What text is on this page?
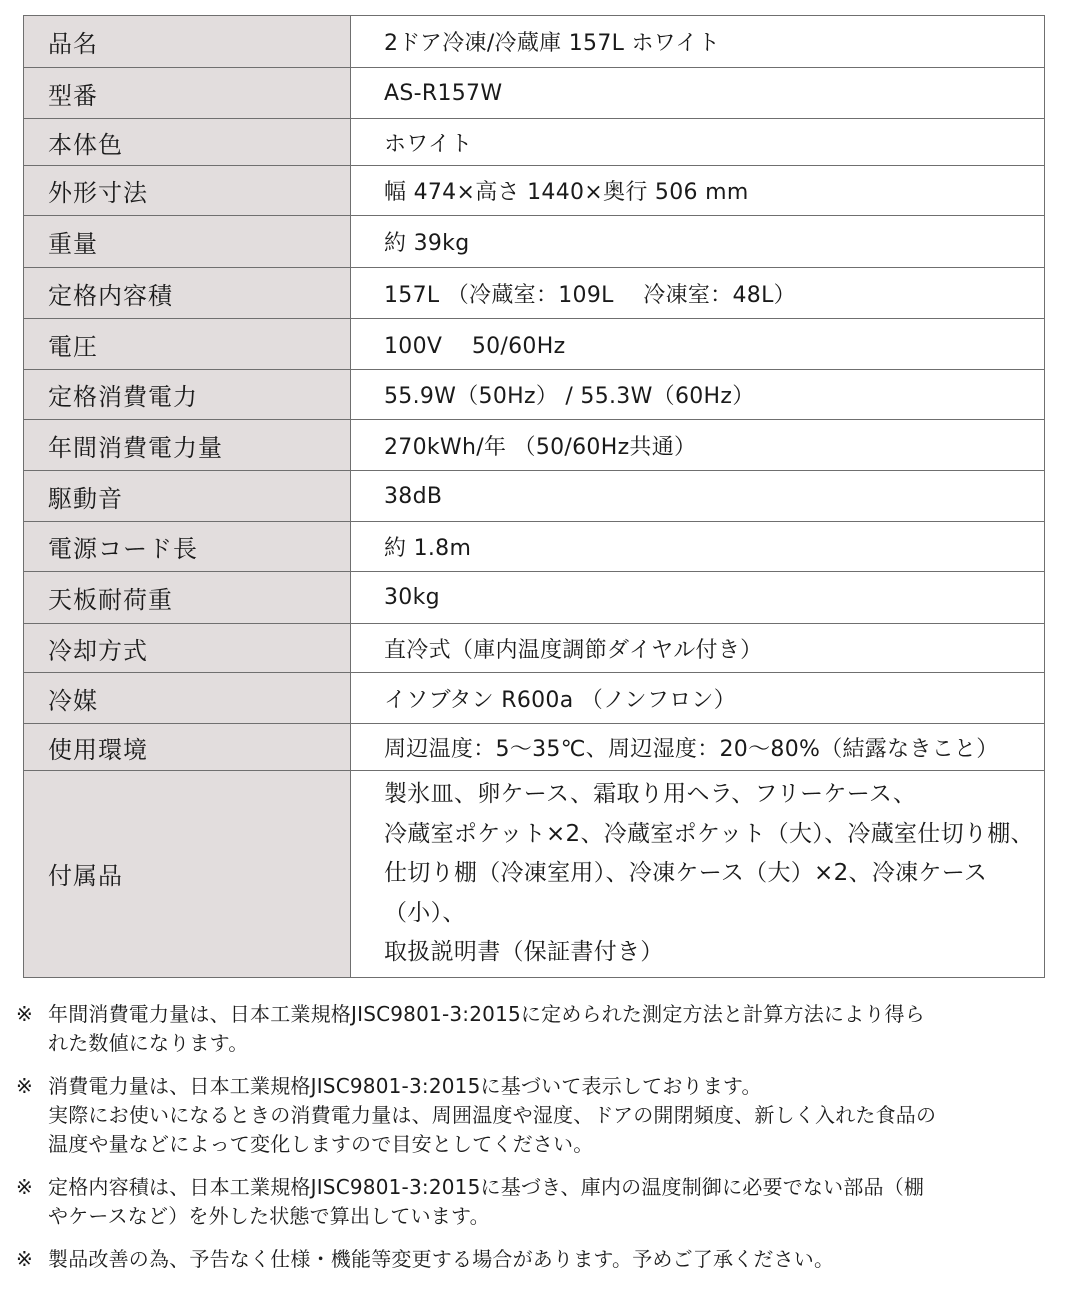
品名	2ドア冷凍/冷蔵庫 157L ホワイト
型番	AS-R157W
本体色	ホワイト
外形寸法	幅 474×高さ 1440×奥行 506 mm
重量	約 39kg
定格内容積	157L （冷蔵室：109L　 冷凍室：48L）
電圧	100V　 50/60Hz
定格消費電力	55.9W（50Hz） / 55.3W（60Hz）
年間消費電力量	270kWh/年 （50/60Hz共通）
駆動音	38dB
電源コード長	約 1.8m
天板耐荷重	30kg
冷却方式	直冷式（庫内温度調節ダイヤル付き）
冷媒	イソブタン R600a （ノンフロン）
使用環境	周辺温度：5～35℃、周辺湿度：20～80%（結露なきこと）
付属品	製氷皿、卵ケース、霜取り用ヘラ、フリーケース、
冷蔵室ポケット×2、冷蔵室ポケット（大）、冷蔵室仕切り棚、
仕切り棚（冷凍室用）、冷凍ケース（大）×2、冷凍ケース（小）、
取扱説明書（保証書付き）
※ 年間消費電力量は、日本工業規格JISC9801-3:2015に定められた測定方法と計算方法により得ら
れた数値になります。
※ 消費電力量は、日本工業規格JISC9801-3:2015に基づいて表示しております。
実際にお使いになるときの消費電力量は、周囲温度や湿度、ドアの開閉頻度、新しく入れた食品の
温度や量などによって変化しますので目安としてください。
※ 定格内容積は、日本工業規格JISC9801-3:2015に基づき、庫内の温度制御に必要でない部品（棚
やケースなど）を外した状態で算出しています。
※ 製品改善の為、予告なく仕様・機能等変更する場合があります。予めご了承ください。
